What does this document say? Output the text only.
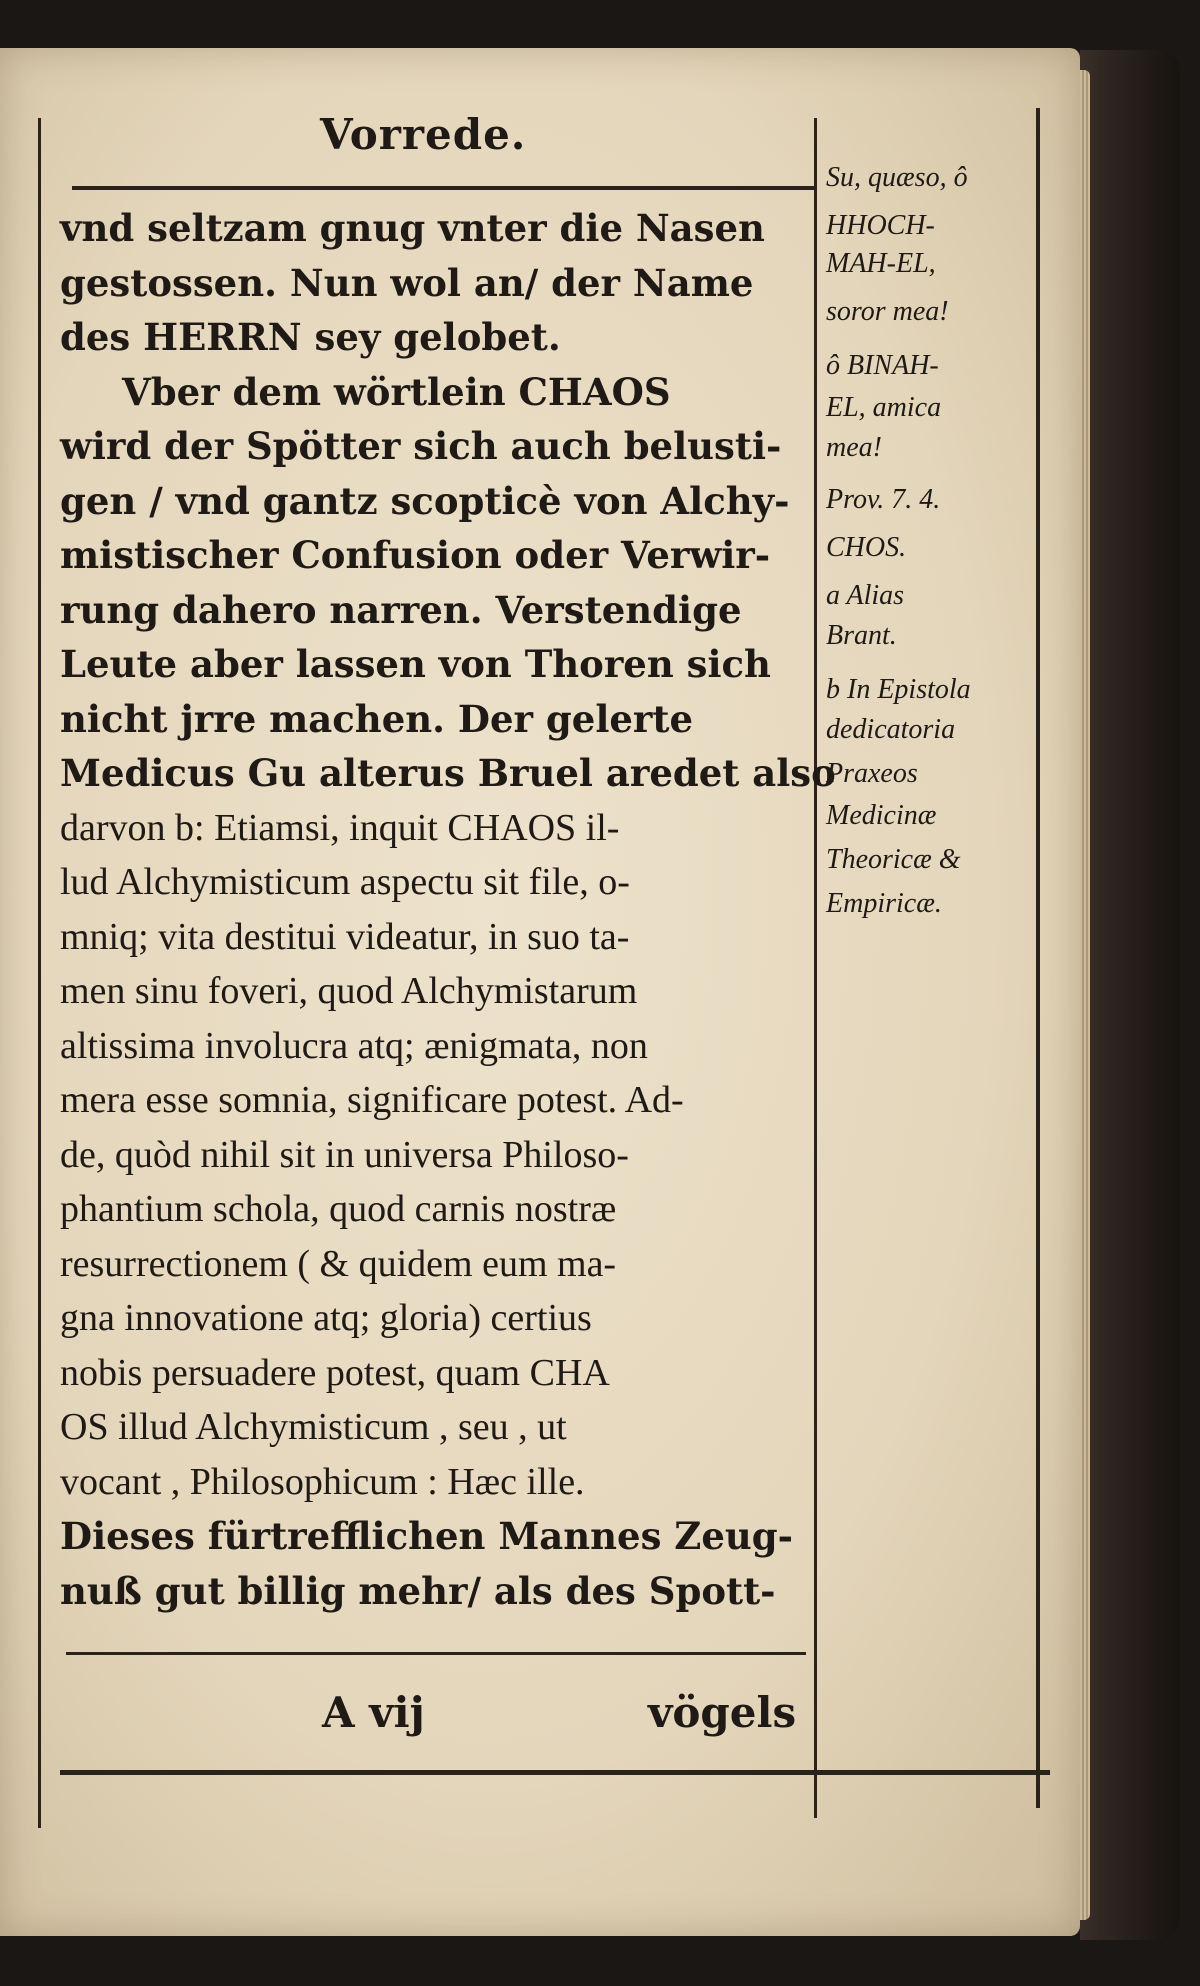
Vorrede.
vnd seltzam gnug vnter die Nasen
gestossen. Nun wol an/ der Name
des HERRN sey gelobet.
Vber dem wörtlein CHAOS
wird der Spötter sich auch belusti-
gen / vnd gantz scopticè von Alchy-
mistischer Confusion oder Verwir-
rung dahero narren. Verstendige
Leute aber lassen von Thoren sich
nicht jrre machen. Der gelerte
Medicus Gu alterus Bruel aredet also
darvon b: Etiamsi, inquit CHAOS il-
lud Alchymisticum aspectu sit file, o-
mniq; vita destitui videatur, in suo ta-
men sinu foveri, quod Alchymistarum
altissima involucra atq; ænigmata, non
mera esse somnia, significare potest. Ad-
de, quòd nihil sit in universa Philoso-
phantium schola, quod carnis nostræ
resurrectionem ( & quidem eum ma-
gna innovatione atq; gloria) certius
nobis persuadere potest, quam CHA
OS illud Alchymisticum , seu , ut
vocant , Philosophicum : Hæc ille.
Dieses fürtrefflichen Mannes Zeug-
nuß gut billig mehr/ als des Spott-
A vij	vögels
Su, quæso, ô
HHOCH-
MAH-EL,
soror mea!
ô BINAH-
EL, amica
mea!
Prov. 7. 4.
CHOS.
a Alias
Brant.
b In Epistola
dedicatoria
Praxeos
Medicinæ
Theoricæ &
Empiricæ.
